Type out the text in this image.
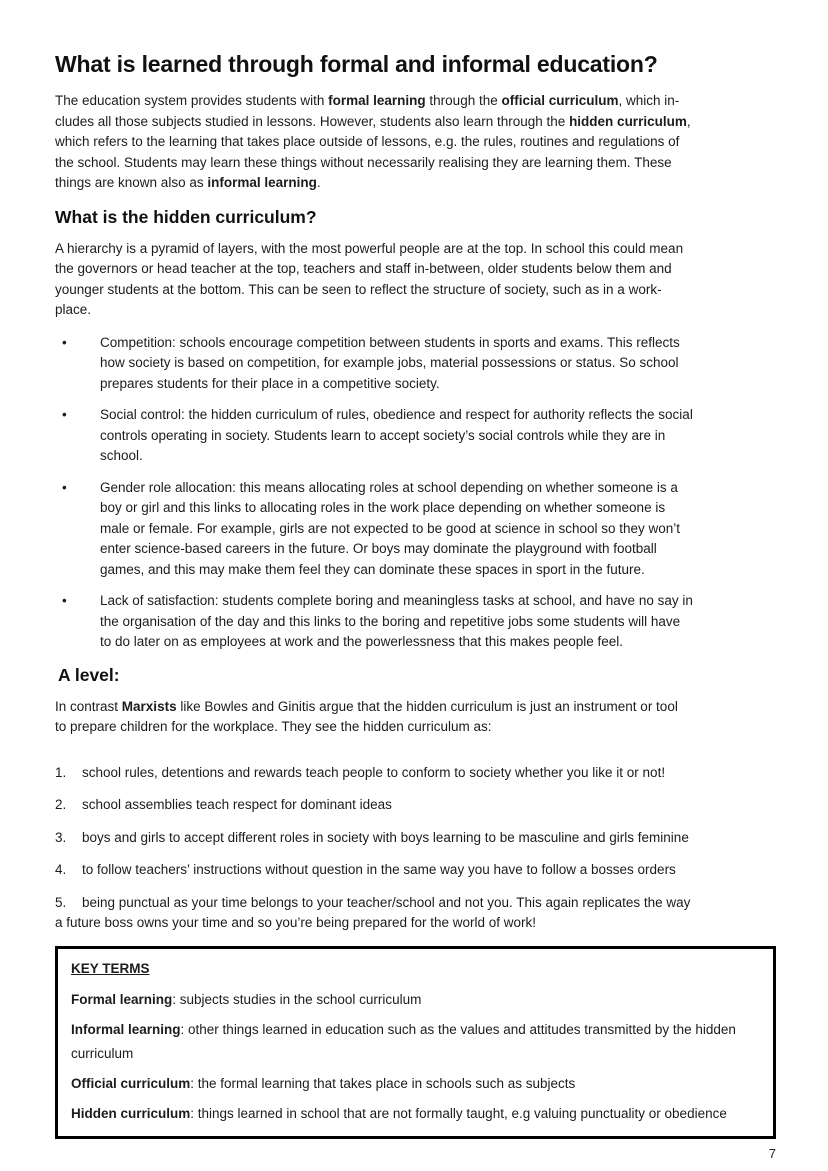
What is learned through formal and informal education?

The education system provides students with formal learning through the official curriculum, which in-
cludes all those subjects studied in lessons. However, students also learn through the hidden curriculum,
which refers to the learning that takes place outside of lessons, e.g. the rules, routines and regulations of
the school. Students may learn these things without necessarily realising they are learning them. These
things are known also as informal learning.

What is the hidden curriculum?

A hierarchy is a pyramid of layers, with the most powerful people are at the top. In school this could mean
the governors or head teacher at the top, teachers and staff in-between, older students below them and
younger students at the bottom. This can be seen to reflect the structure of society, such as in a work-
place.

• Competition: schools encourage competition between students in sports and exams. This reflects
how society is based on competition, for example jobs, material possessions or status. So school
prepares students for their place in a competitive society.
• Social control: the hidden curriculum of rules, obedience and respect for authority reflects the social
controls operating in society. Students learn to accept society’s social controls while they are in
school.
• Gender role allocation: this means allocating roles at school depending on whether someone is a
boy or girl and this links to allocating roles in the work place depending on whether someone is
male or female. For example, girls are not expected to be good at science in school so they won’t
enter science-based careers in the future. Or boys may dominate the playground with football
games, and this may make them feel they can dominate these spaces in sport in the future.
• Lack of satisfaction: students complete boring and meaningless tasks at school, and have no say in
the organisation of the day and this links to the boring and repetitive jobs some students will have
to do later on as employees at work and the powerlessness that this makes people feel.
A level:

In contrast Marxists like Bowles and Ginitis argue that the hidden curriculum is just an instrument or tool
to prepare children for the workplace. They see the hidden curriculum as:

1. school rules, detentions and rewards teach people to conform to society whether you like it or not!
2. school assemblies teach respect for dominant ideas
3. boys and girls to accept different roles in society with boys learning to be masculine and girls feminine
4. to follow teachers’ instructions without question in the same way you have to follow a bosses orders
5. being punctual as your time belongs to your teacher/school and not you. This again replicates the way
a future boss owns your time and so you’re being prepared for the world of work!
KEY TERMS

Formal learning: subjects studies in the school curriculum

Informal learning: other things learned in education such as the values and attitudes transmitted by the hidden
curriculum

Official curriculum: the formal learning that takes place in schools such as subjects

Hidden curriculum: things learned in school that are not formally taught, e.g valuing punctuality or obedience

7
